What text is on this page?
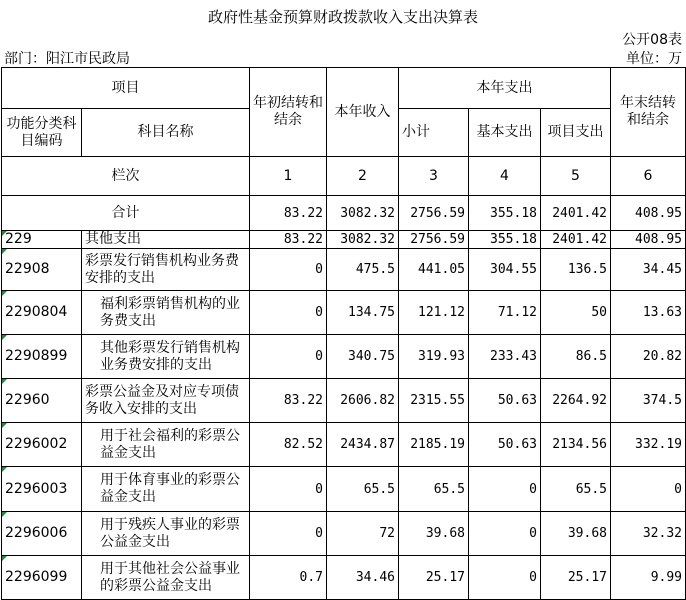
政府性基金预算财政拨款收入支出决算表
公开08表
部门：阳江市民政局	单位：万
项目		年初结转和结余	本年收入	本年支出			年末结转和结余
功能分类科目编码	科目名称			小计	基本支出	项目支出	
栏次		1	2	3	4	5	6
合计		83.22	3082.32	2756.59	355.18	2401.42	408.95

229	其他支出	83.22	3082.32	2756.59	355.18	2401.42	408.95

22908	彩票发行销售机构业务费安排的支出	0	475.5	441.05	304.55	136.5	34.45

2290804	福利彩票销售机构的业务费支出	0	134.75	121.12	71.12	50	13.63

2290899	其他彩票发行销售机构业务费安排的支出	0	340.75	319.93	233.43	86.5	20.82

22960	彩票公益金及对应专项债务收入安排的支出	83.22	2606.82	2315.55	50.63	2264.92	374.5

2296002	用于社会福利的彩票公益金支出	82.52	2434.87	2185.19	50.63	2134.56	332.19

2296003	用于体育事业的彩票公益金支出	0	65.5	65.5	0	65.5	0

2296006	用于残疾人事业的彩票公益金支出	0	72	39.68	0	39.68	32.32

2296099	用于其他社会公益事业的彩票公益金支出	0.7	34.46	25.17	0	25.17	9.99
